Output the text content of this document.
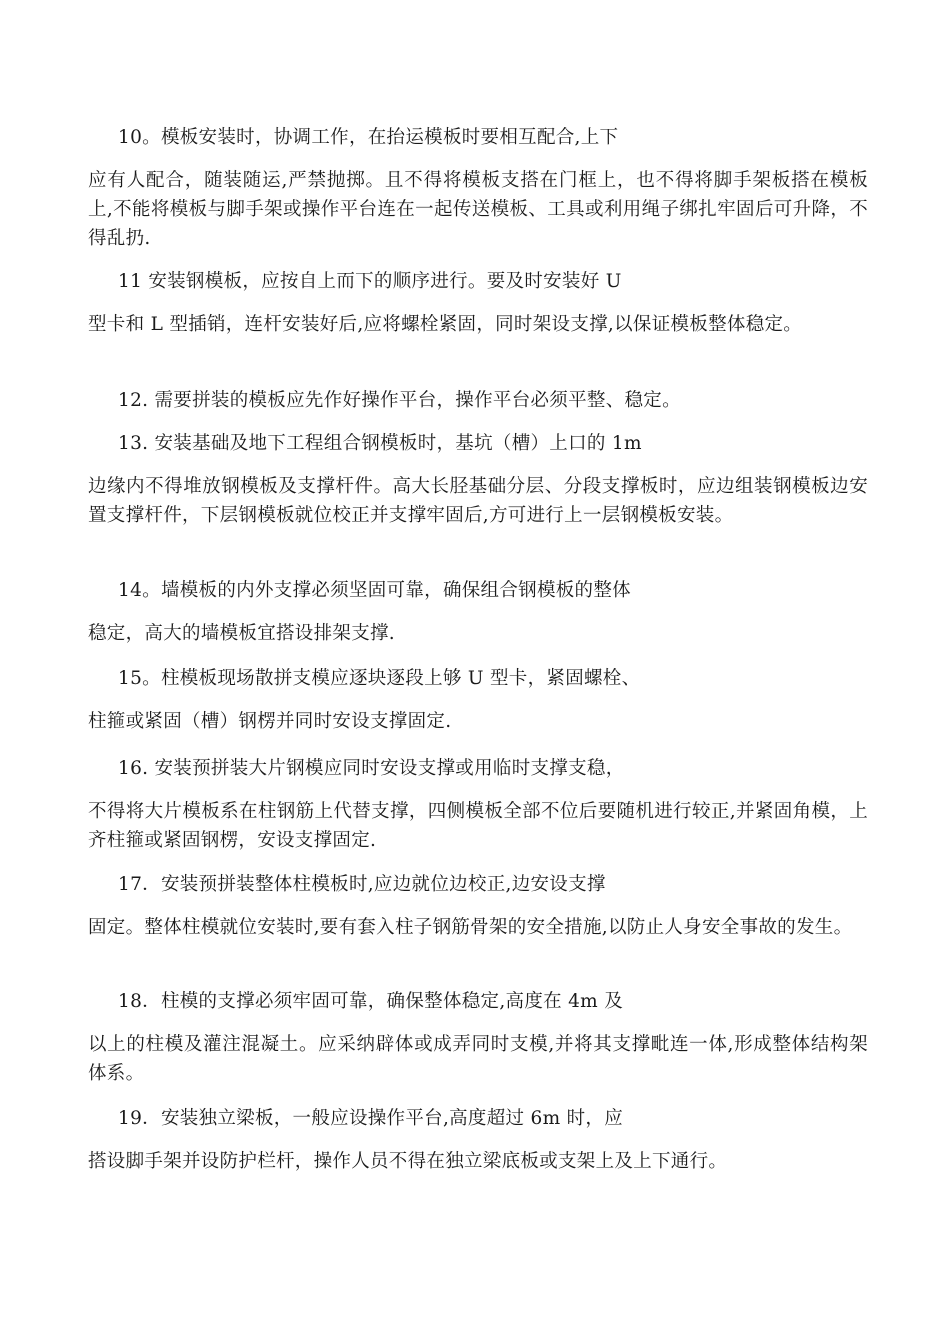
10。模板安装时，协调工作，在抬运模板时要相互配合,上下

应有人配合，随装随运,严禁抛掷。且不得将模板支搭在门框上，也不得将脚手架板搭在模板上,不能将模板与脚手架或操作平台连在一起传送模板、工具或利用绳子绑扎牢固后可升降，不得乱扔.

11 安装钢模板，应按自上而下的顺序进行。要及时安装好 U

型卡和 L 型插销，连杆安装好后,应将螺栓紧固，同时架设支撑,以保证模板整体稳定。

12. 需要拼装的模板应先作好操作平台，操作平台必须平整、稳定。

13. 安装基础及地下工程组合钢模板时，基坑（槽）上口的 1m

边缘内不得堆放钢模板及支撑杆件。高大长胫基础分层、分段支撑板时，应边组装钢模板边安置支撑杆件，下层钢模板就位校正并支撑牢固后,方可进行上一层钢模板安装。

14。墙模板的内外支撑必须坚固可靠，确保组合钢模板的整体

稳定，高大的墙模板宜搭设排架支撑.

15。柱模板现场散拼支模应逐块逐段上够 U 型卡，紧固螺栓、

柱箍或紧固（槽）钢楞并同时安设支撑固定.

16. 安装预拼装大片钢模应同时安设支撑或用临时支撑支稳，

不得将大片模板系在柱钢筋上代替支撑，四侧模板全部不位后要随机进行较正,并紧固角模，上齐柱箍或紧固钢楞，安设支撑固定.

17．安装预拼装整体柱模板时,应边就位边校正,边安设支撑

固定。整体柱模就位安装时,要有套入柱子钢筋骨架的安全措施,以防止人身安全事故的发生。

18．柱模的支撑必须牢固可靠，确保整体稳定,高度在 4m 及

以上的柱模及灌注混凝土。应采纳辟体或成弄同时支模,并将其支撑毗连一体,形成整体结构架体系。

19．安装独立梁板，一般应设操作平台,高度超过 6m 时，应

搭设脚手架并设防护栏杆，操作人员不得在独立梁底板或支架上及上下通行。
